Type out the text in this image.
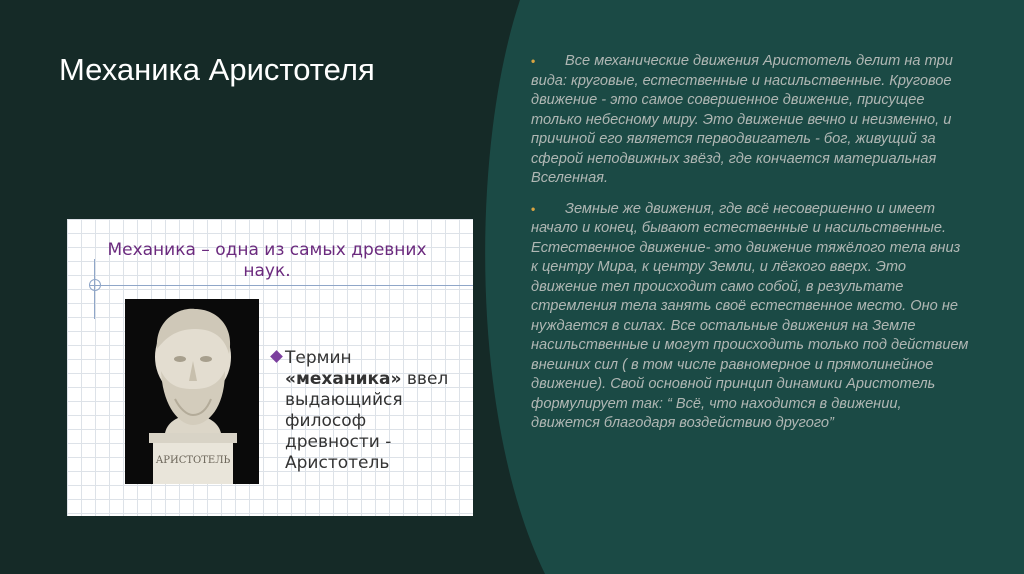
Механика Аристотеля
Механика – одна из самых древних наук.
АРИСТОТЕЛЬ
Термин
«механика» ввел выдающийся философ древности - Аристотель
•	Все механические движения Аристотель делит на три вида: круговые, естественные и насильственные. Круговое движение - это самое совершенное движение, присущее только небесному миру. Это движение вечно и неизменно, и причиной его является перводвигатель - бог, живущий за сферой неподвижных звёзд, где кончается материальная Вселенная.

•	Земные же движения, где всё несовершенно и имеет начало и конец, бывают естественные и насильственные. Естественное движение- это движение тяжёлого тела вниз к центру Мира, к центру Земли, и лёгкого вверх. Это движение тел происходит само собой, в результате стремления тела занять своё естественное место. Оно не нуждается в силах. Все остальные движения на Земле насильственные и могут происходить только под действием внешних сил ( в том числе равномерное и прямолинейное движение). Свой основной принцип динамики Аристотель формулирует так: “ Всё, что находится в движении, движется благодаря воздействию другого”
